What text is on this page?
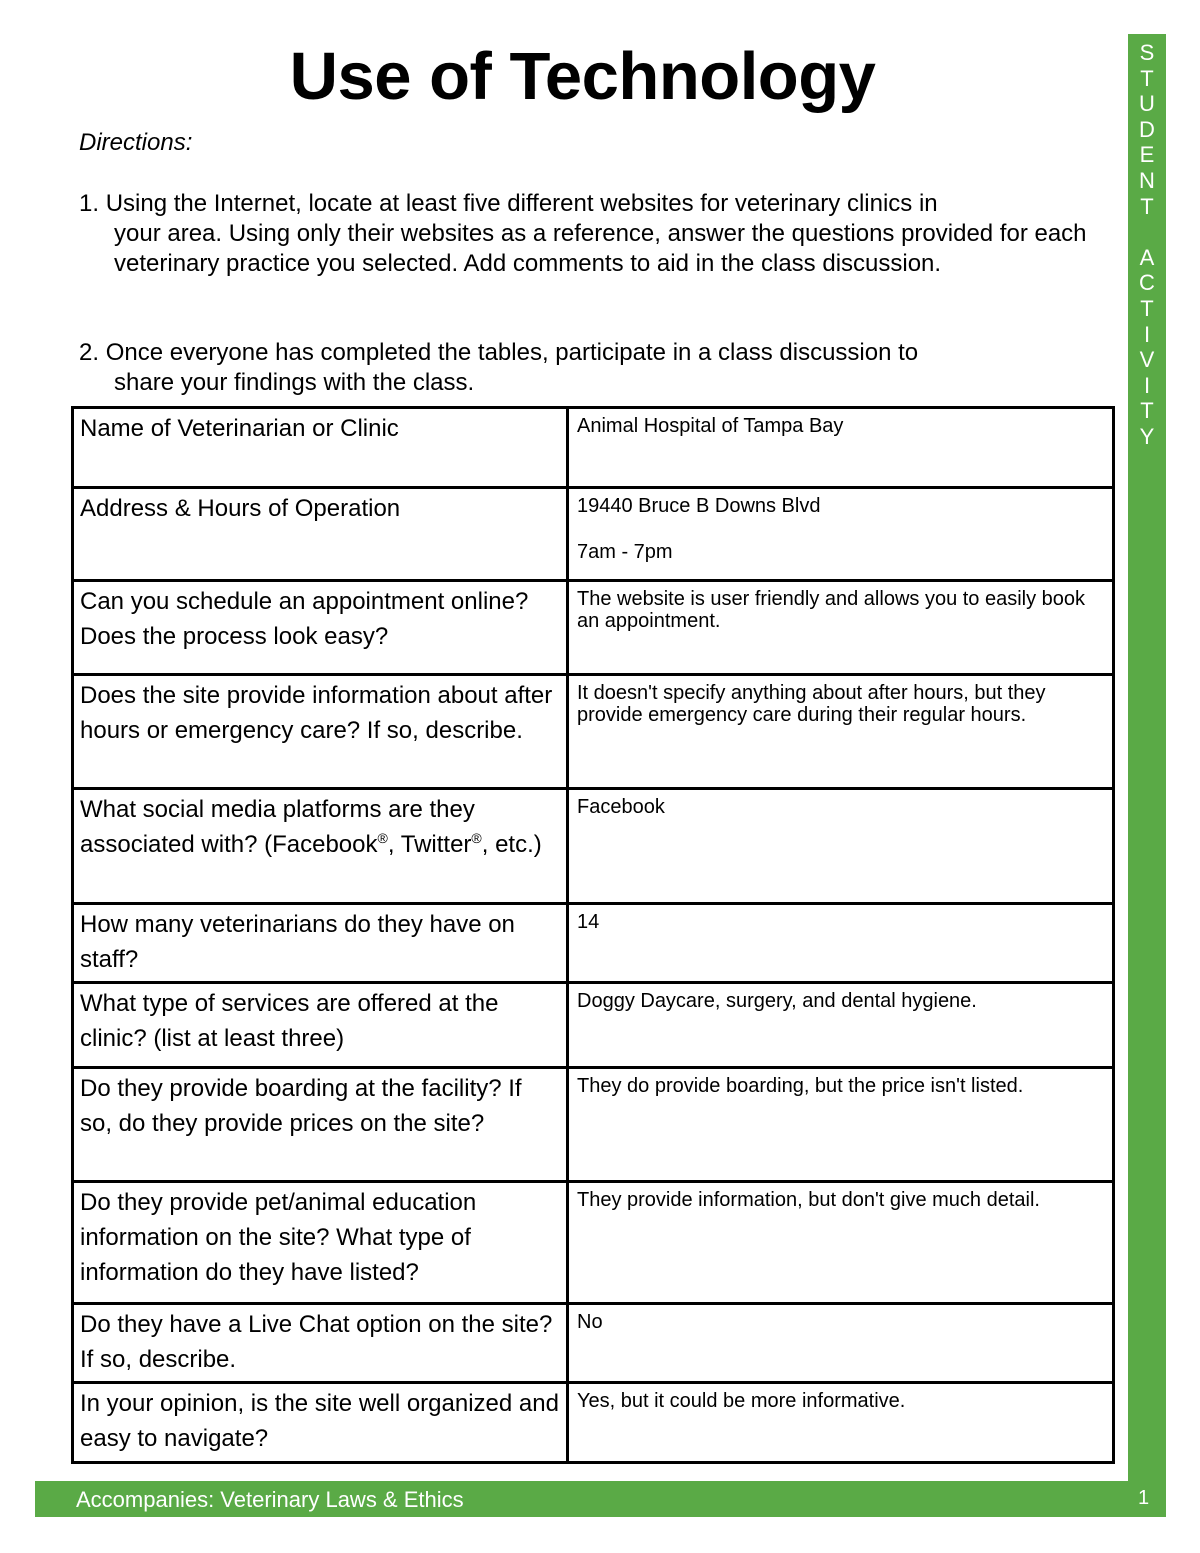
S
T
U
D
E
N
T

A
C
T
I
V
I
T
Y
Use of Technology
Directions:
1. Using the Internet, locate at least five different websites for veterinary clinics in
your area. Using only their websites as a reference, answer the questions provided for each veterinary practice you selected. Add comments to aid in the class discussion.
2. Once everyone has completed the tables, participate in a class discussion to
share your findings with the class.
Name of Veterinarian or Clinic	Animal Hospital of Tampa Bay
Address & Hours of Operation	19440 Bruce B Downs Blvd
7am - 7pm

Can you schedule an appointment online? Does the process look easy?	The website is user friendly and allows you to easily book an appointment.
Does the site provide information about after hours or emergency care? If so, describe.	It doesn't specify anything about after hours, but they provide emergency care during their regular hours.
What social media platforms are they associated with? (Facebook®, Twitter®, etc.)	Facebook
How many veterinarians do they have on staff?	14
What type of services are offered at the clinic? (list at least three)	Doggy Daycare, surgery, and dental hygiene.
Do they provide boarding at the facility? If so, do they provide prices on the site?	They do provide boarding, but the price isn't listed.
Do they provide pet/animal education information on the site? What type of information do they have listed?	They provide information, but don't give much detail.
Do they have a Live Chat option on the site? If so, describe.	No
In your opinion, is the site well organized and easy to navigate?	Yes, but it could be more informative.
Accompanies: Veterinary Laws & Ethics	1
